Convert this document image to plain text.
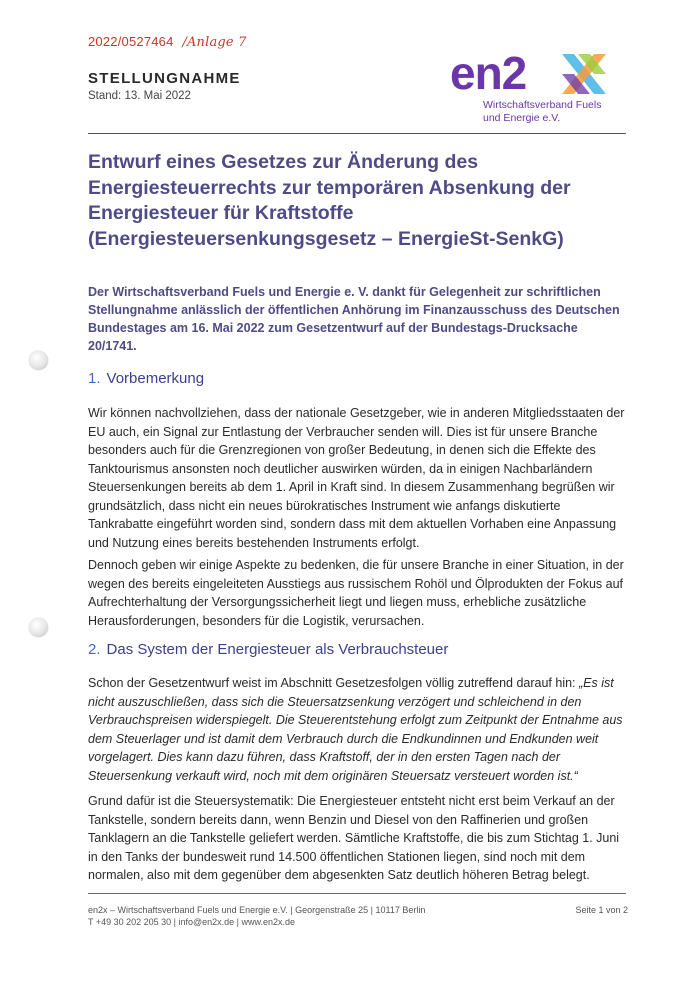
2022/0527464 /Anlage 7
STELLUNGNAHME
Stand: 13. Mai 2022	en2
Wirtschaftsverband Fuels
und Energie e.V.
Entwurf eines Gesetzes zur Änderung des Energiesteuerrechts zur temporären Absenkung der Energiesteuer für Kraftstoffe (Energiesteuersenkungsgesetz – EnergieSt-SenkG)
Der Wirtschaftsverband Fuels und Energie e. V. dankt für Gelegenheit zur schriftlichen Stellungnahme anlässlich der öffentlichen Anhörung im Finanzausschuss des Deutschen Bundestages am 16. Mai 2022 zum Gesetzentwurf auf der Bundestags-Drucksache 20/1741.
1. Vorbemerkung
Wir können nachvollziehen, dass der nationale Gesetzgeber, wie in anderen Mitgliedsstaaten der EU auch, ein Signal zur Entlastung der Verbraucher senden will. Dies ist für unsere Branche besonders auch für die Grenzregionen von großer Bedeutung, in denen sich die Effekte des Tanktourismus ansonsten noch deutlicher auswirken würden, da in einigen Nachbarländern Steuersenkungen bereits ab dem 1. April in Kraft sind. In diesem Zusammenhang begrüßen wir grundsätzlich, dass nicht ein neues bürokratisches Instrument wie anfangs diskutierte Tankrabatte eingeführt worden sind, sondern dass mit dem aktuellen Vorhaben eine Anpassung und Nutzung eines bereits bestehenden Instruments erfolgt.
Dennoch geben wir einige Aspekte zu bedenken, die für unsere Branche in einer Situation, in der wegen des bereits eingeleiteten Ausstiegs aus russischem Rohöl und Ölprodukten der Fokus auf Aufrechterhaltung der Versorgungssicherheit liegt und liegen muss, erhebliche zusätzliche Herausforderungen, besonders für die Logistik, verursachen.
2. Das System der Energiesteuer als Verbrauchsteuer
Schon der Gesetzentwurf weist im Abschnitt Gesetzesfolgen völlig zutreffend darauf hin: „Es ist nicht auszuschließen, dass sich die Steuersatzsenkung verzögert und schleichend in den Verbrauchspreisen widerspiegelt. Die Steuerentstehung erfolgt zum Zeitpunkt der Entnahme aus dem Steuerlager und ist damit dem Verbrauch durch die Endkundinnen und Endkunden weit vorgelagert. Dies kann dazu führen, dass Kraftstoff, der in den ersten Tagen nach der Steuersenkung verkauft wird, noch mit dem originären Steuersatz versteuert worden ist.“
Grund dafür ist die Steuersystematik: Die Energiesteuer entsteht nicht erst beim Verkauf an der Tankstelle, sondern bereits dann, wenn Benzin und Diesel von den Raffinerien und großen Tanklagern an die Tankstelle geliefert werden. Sämtliche Kraftstoffe, die bis zum Stichtag 1. Juni in den Tanks der bundesweit rund 14.500 öffentlichen Stationen liegen, sind noch mit dem normalen, also mit dem gegenüber dem abgesenkten Satz deutlich höheren Betrag belegt.
en2x – Wirtschaftsverband Fuels und Energie e.V. | Georgenstraße 25 | 10117 Berlin
T +49 30 202 205 30 | info@en2x.de | www.en2x.de
Seite 1 von 2
